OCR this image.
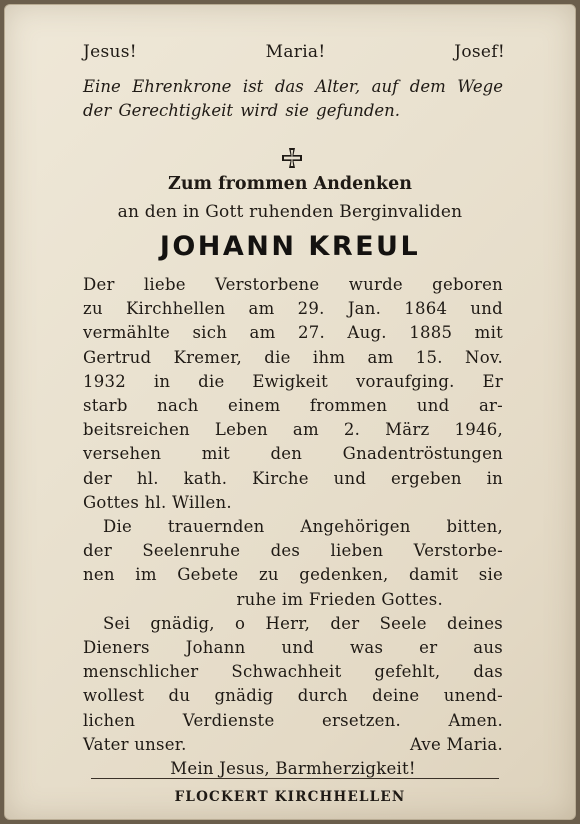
Jesus!	Maria!	Josef!
Eine Ehrenkrone ist das Alter, auf dem Wege der Gerechtigkeit wird sie gefunden.
Zum frommen Andenken
an den in Gott ruhenden Berginvaliden
JOHANN KREUL
Der liebe Verstorbene wurde geboren
zu Kirchhellen am 29. Jan. 1864 und
vermählte sich am 27. Aug. 1885 mit
Gertrud Kremer, die ihm am 15. Nov.
1932 in die Ewigkeit voraufging. Er
starb nach einem frommen und ar-
beitsreichen Leben am 2. März 1946,
versehen mit den Gnadentröstungen
der hl. kath. Kirche und ergeben in
Gottes hl. Willen.
Die trauernden Angehörigen bitten,
der Seelenruhe des lieben Verstorbe-
nen im Gebete zu gedenken, damit sie
ruhe im Frieden Gottes.
Sei gnädig, o Herr, der Seele deines
Dieners Johann und was er aus
menschlicher Schwachheit gefehlt, das
wollest du gnädig durch deine unend-
lichen Verdienste ersetzen. Amen.
Vater unser.	Ave Maria.
Mein Jesus, Barmherzigkeit!
FLOCKERT KIRCHHELLEN
